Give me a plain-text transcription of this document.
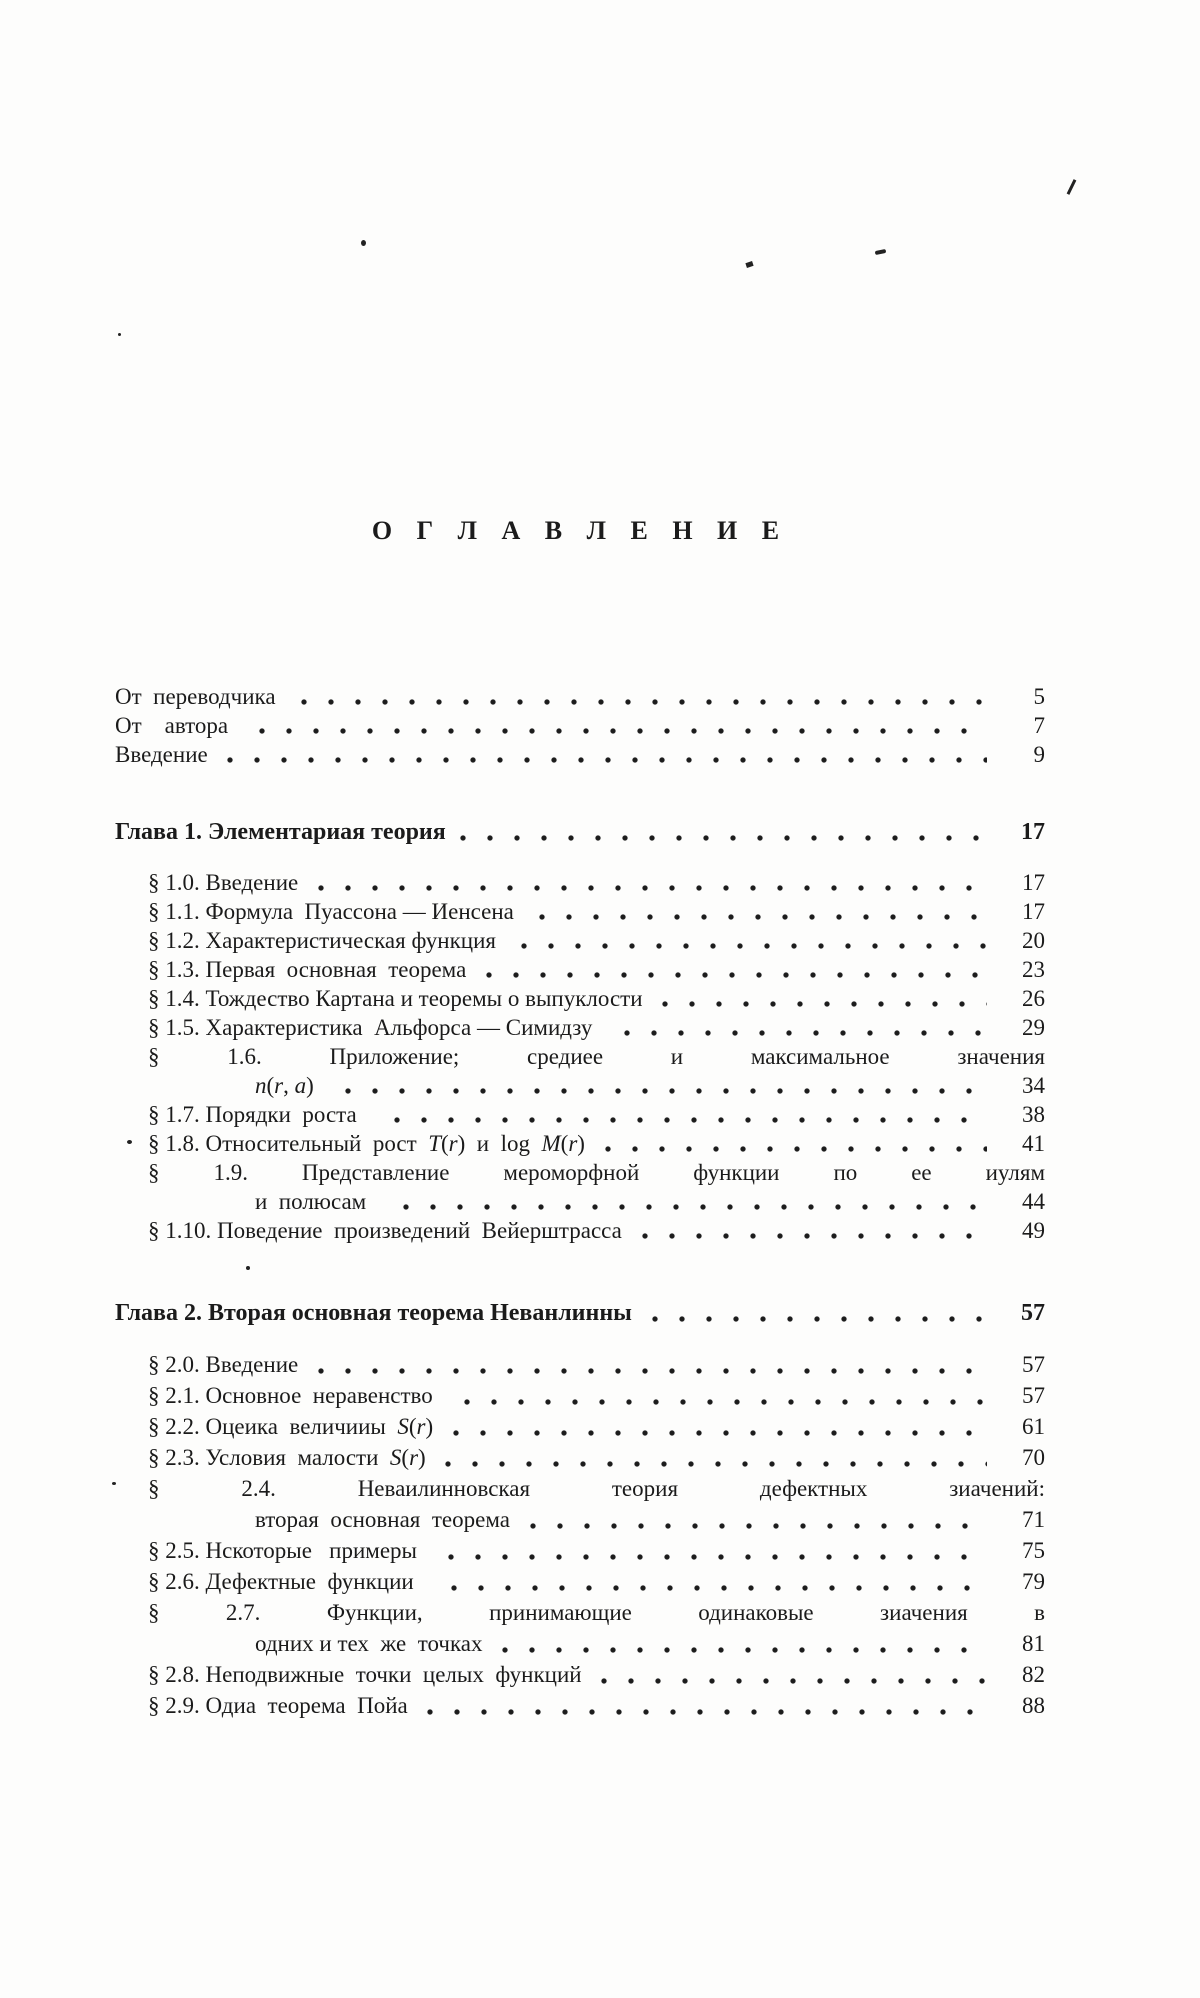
О Г Л А В Л Е Н И Е
От  переводчика	5
От    автора	7
Введение	9
Глава 1. Элементариая теория	17
§ 1.0. Введение	17
§ 1.1. Формула  Пуассона — Иенсена	17
§ 1.2. Характеристическая функция	20
§ 1.3. Первая  основная  теорема	23
§ 1.4. Тождество Картана и теоремы о выпуклости	26
§ 1.5. Характеристика  Альфорса — Симидзу	29
§ 1.6. Приложение; средиее и максимальное значения
n(r, a)	34
§ 1.7. Порядки  роста	38
§ 1.8. Относительный  рост  T(r)  и  log  M(r)	41
§ 1.9. Представление мероморфной функции по ее иулям
и  полюсам	44
§ 1.10. Поведение  произведений  Вейерштрасса	49
Глава 2. Вторая основная теорема Неванлинны	57
§ 2.0. Введение	57
§ 2.1. Основное  неравенство	57
§ 2.2. Оцеика  величииы  S(r)	61
§ 2.3. Условия  малости  S(r)	70
§ 2.4. Неваилинновская теория дефектных зиачений:
вторая  основная  теорема	71
§ 2.5. Нскоторые   примеры	75
§ 2.6. Дефектные  функции	79
§ 2.7. Функции, принимающие одинаковые зиачения в
одних и тех  же  точках	81
§ 2.8. Неподвижные  точки  целых  функций	82
§ 2.9. Одиа  теорема  Пойа	88
